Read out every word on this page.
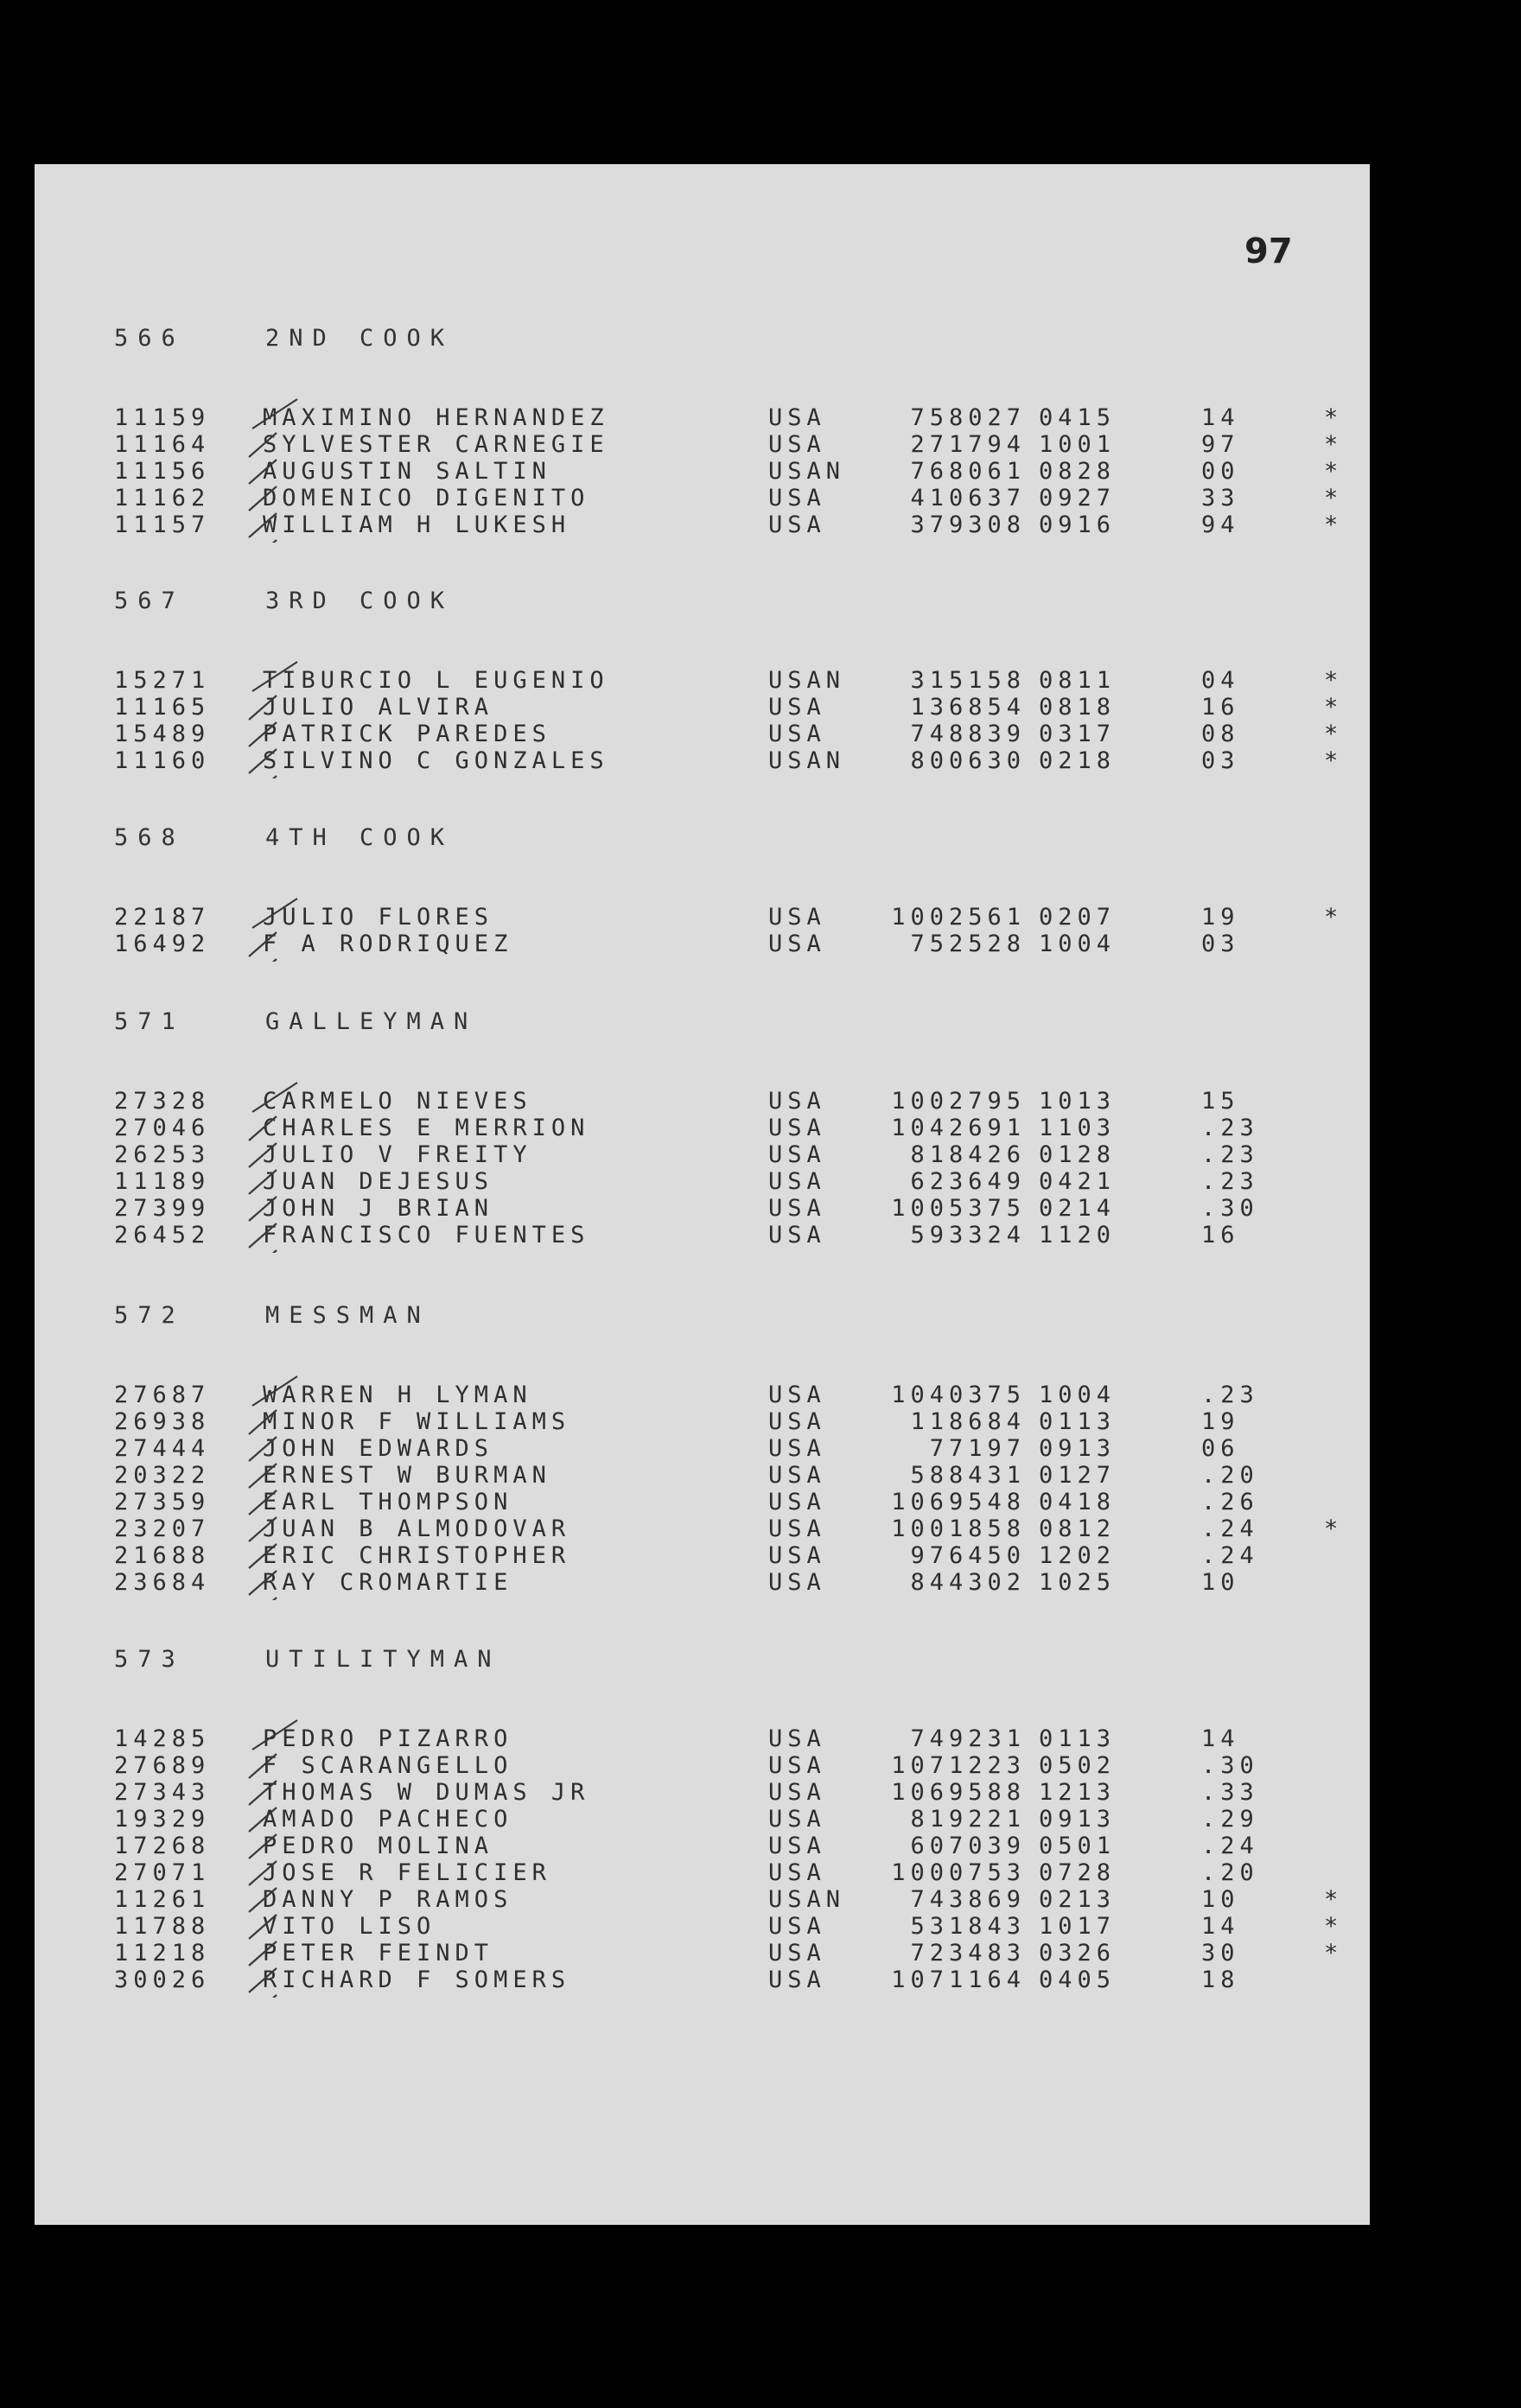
97
566	2ND COOK
11159 MAXIMINO HERNANDEZ	USA	758027 0415	14	*
11164 SYLVESTER CARNEGIE	USA	271794 1001	97	*
11156 AUGUSTIN SALTIN	USAN	768061 0828	00	*
11162 DOMENICO DIGENITO	USA	410637 0927	33	*
11157 WILLIAM H LUKESH	USA	379308 0916	94	*
567	3RD COOK
15271 TIBURCIO L EUGENIO	USAN	315158 0811	04	*
11165 JULIO ALVIRA	USA	136854 0818	16	*
15489 PATRICK PAREDES	USA	748839 0317	08	*
11160 SILVINO C GONZALES	USAN	800630 0218	03	*
568	4TH COOK
22187 JULIO FLORES	USA	1002561 0207	19	*
16492 F A RODRIQUEZ	USA	752528 1004	03
571	GALLEYMAN
27328 CARMELO NIEVES	USA	1002795 1013	15
27046 CHARLES E MERRION	USA	1042691 1103	.23
26253 JULIO V FREITY	USA	818426 0128	.23
11189 JUAN DEJESUS	USA	623649 0421	.23
27399 JOHN J BRIAN	USA	1005375 0214	.30
26452 FRANCISCO FUENTES	USA	593324 1120	16
572	MESSMAN
27687 WARREN H LYMAN	USA	1040375 1004	.23
26938 MINOR F WILLIAMS	USA	118684 0113	19
27444 JOHN EDWARDS	USA	77197 0913	06
20322 ERNEST W BURMAN	USA	588431 0127	.20
27359 EARL THOMPSON	USA	1069548 0418	.26
23207 JUAN B ALMODOVAR	USA	1001858 0812	.24	*
21688 ERIC CHRISTOPHER	USA	976450 1202	.24
23684 RAY CROMARTIE	USA	844302 1025	10
573	UTILITYMAN
14285 PEDRO PIZARRO	USA	749231 0113	14
27689 F SCARANGELLO	USA	1071223 0502	.30
27343 THOMAS W DUMAS JR	USA	1069588 1213	.33
19329 AMADO PACHECO	USA	819221 0913	.29
17268 PEDRO MOLINA	USA	607039 0501	.24
27071 JOSE R FELICIER	USA	1000753 0728	.20
11261 DANNY P RAMOS	USAN	743869 0213	10	*
11788 VITO LISO	USA	531843 1017	14	*
11218 PETER FEINDT	USA	723483 0326	30	*
30026 RICHARD F SOMERS	USA	1071164 0405	18
